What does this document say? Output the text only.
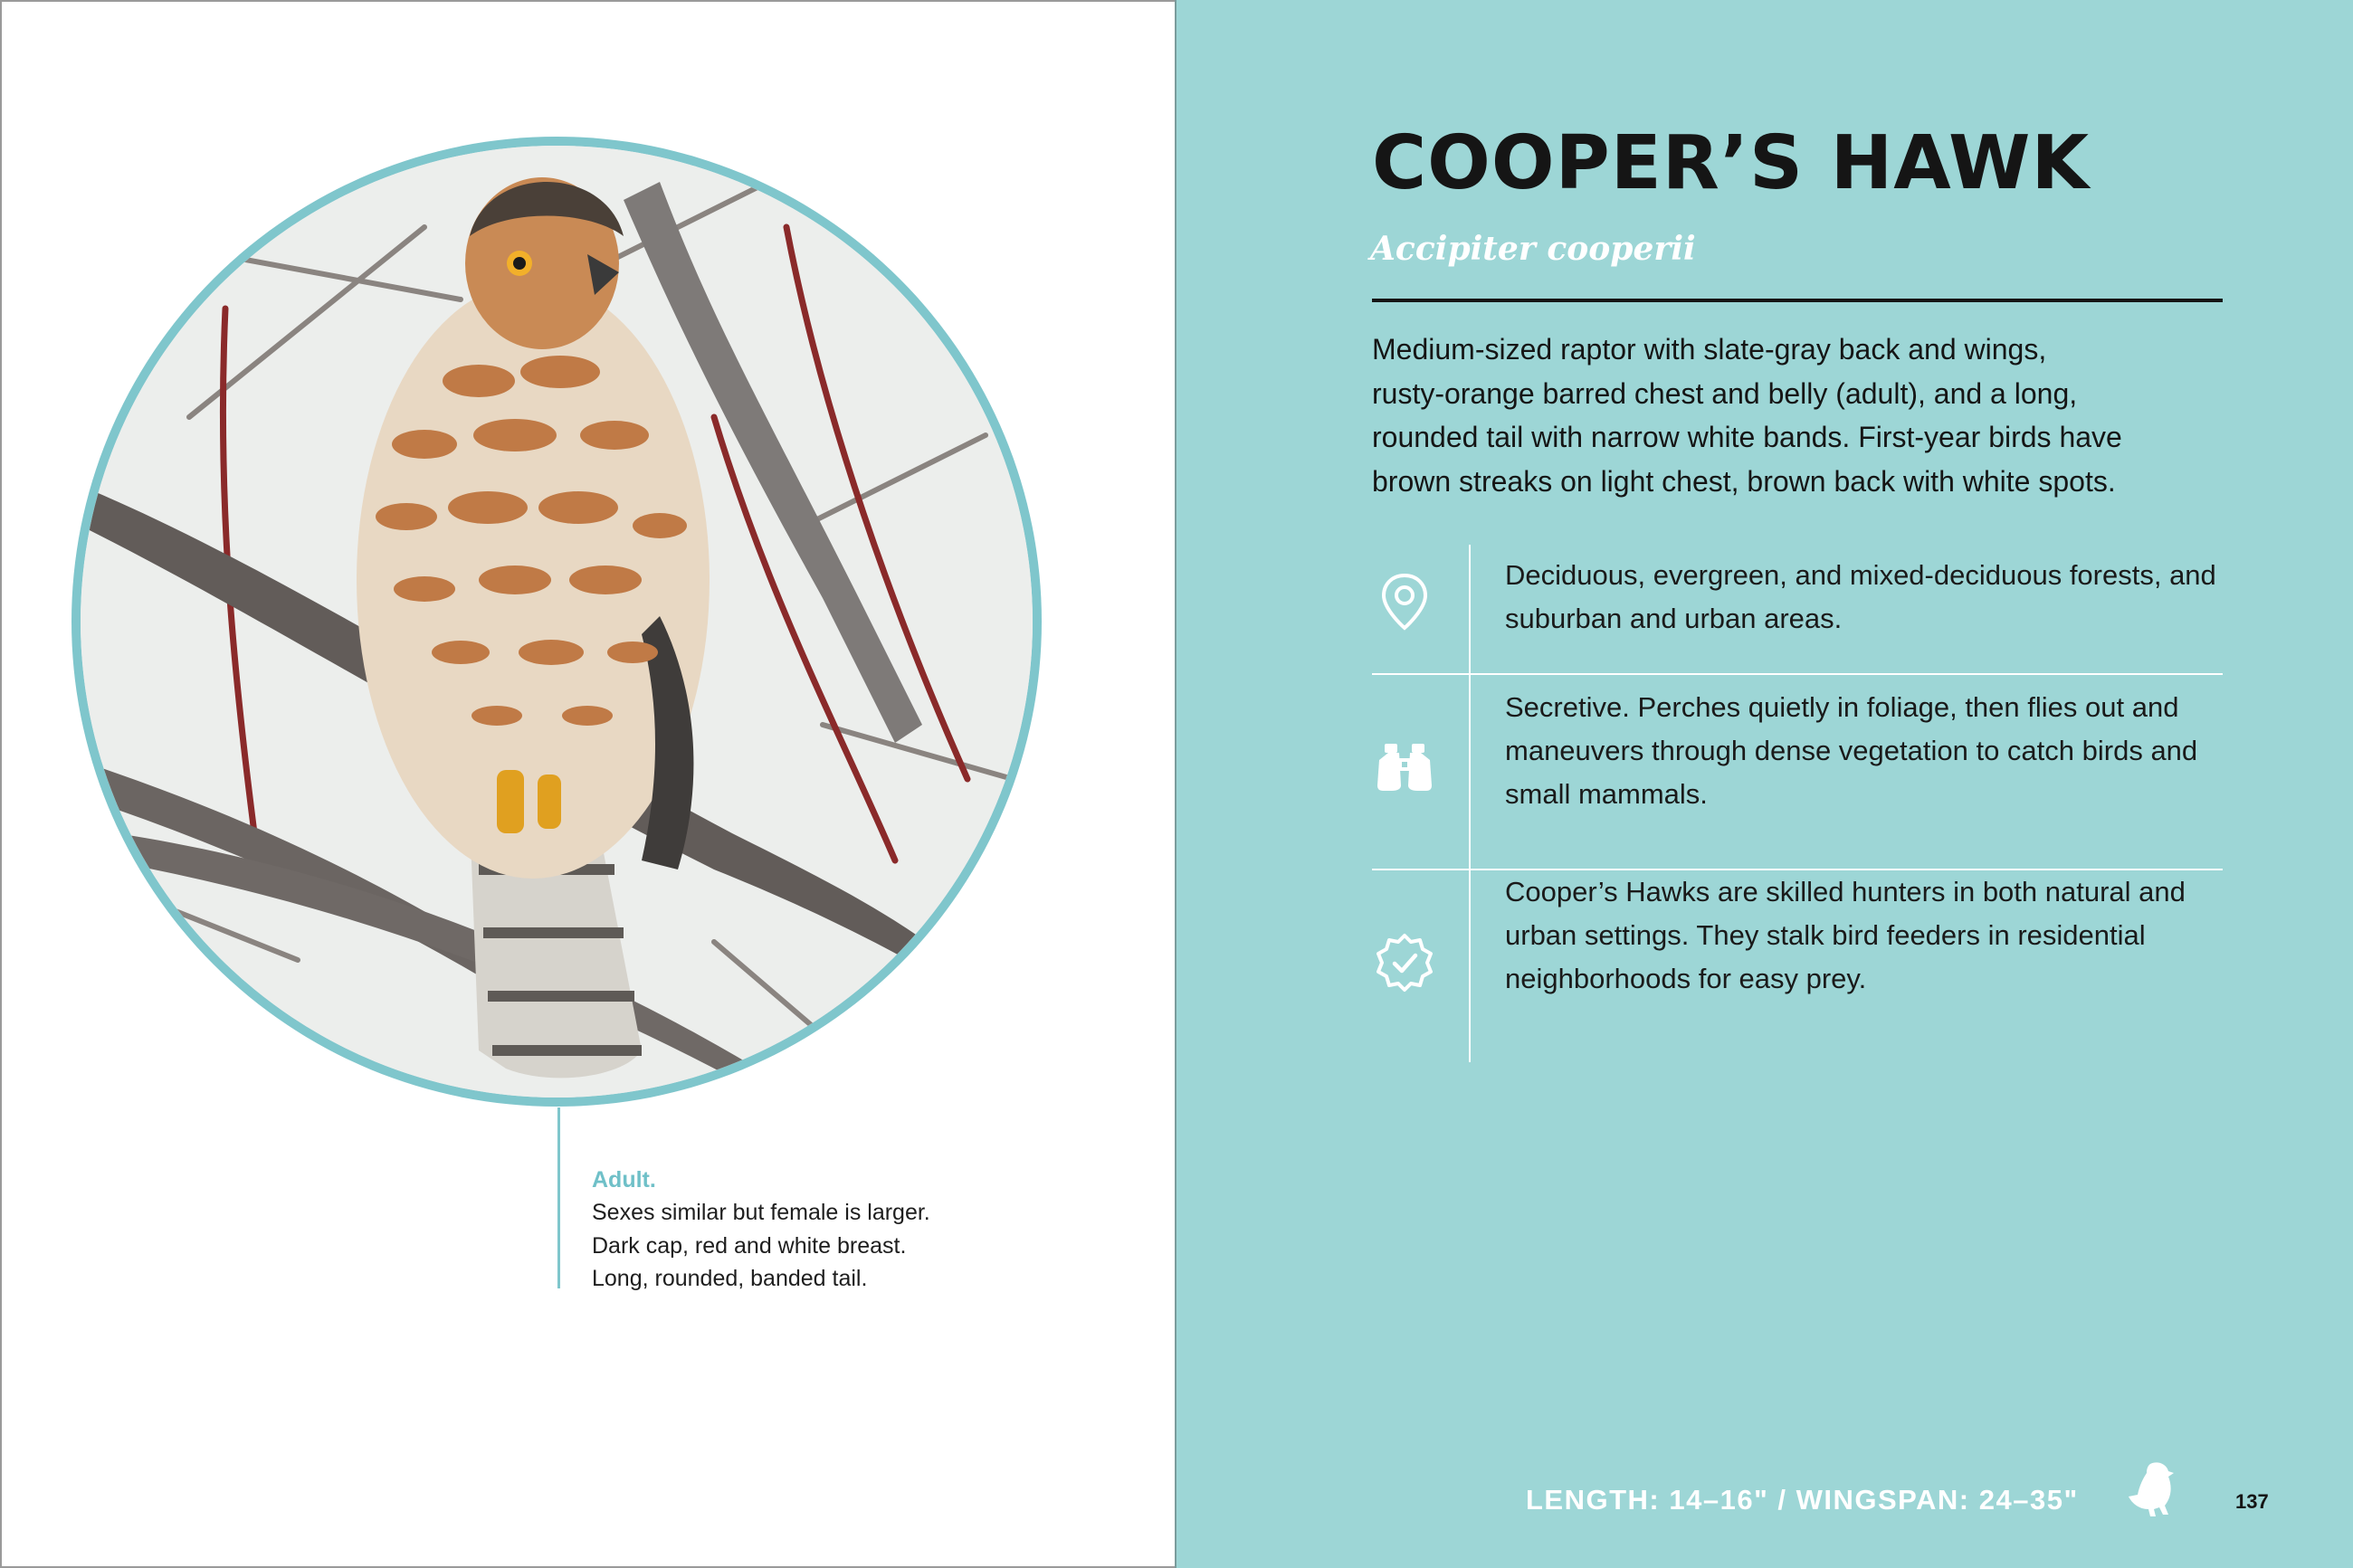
Adult.
Sexes similar but female is larger.
Dark cap, red and white breast.
Long, rounded, banded tail.
COOPER’S HAWK
Accipiter cooperii
Medium-sized raptor with slate-gray back and wings,
rusty-orange barred chest and belly (adult), and a long,
rounded tail with narrow white bands. First-year birds have
brown streaks on light chest, brown back with white spots.
Deciduous, evergreen, and mixed-deciduous forests, and
suburban and urban areas.
Secretive. Perches quietly in foliage, then flies out and
maneuvers through dense vegetation to catch birds and
small mammals.
Cooper’s Hawks are skilled hunters in both natural and
urban settings. They stalk bird feeders in residential
neighborhoods for easy prey.
LENGTH: 14–16" / WINGSPAN: 24–35"	137
